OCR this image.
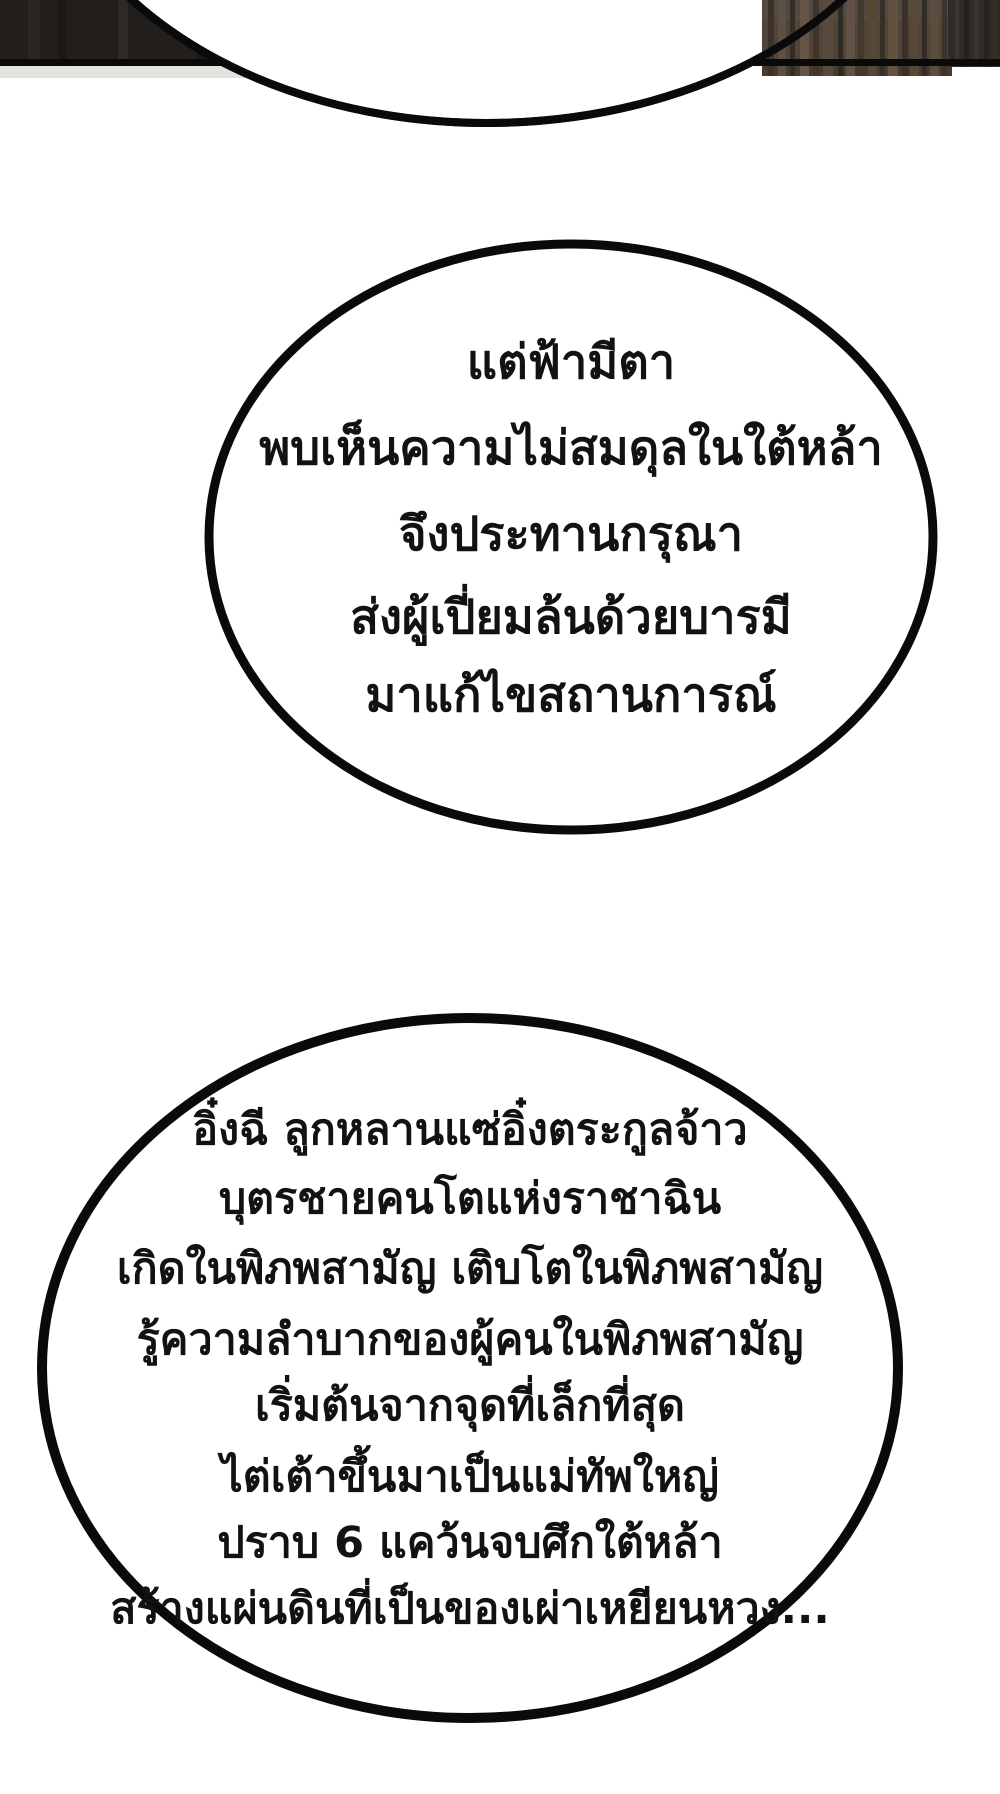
แต่ฟ้ามีตา
พบเห็นความไม่สมดุลในใต้หล้า
จึงประทานกรุณา
ส่งผู้เปี่ยมล้นด้วยบารมี
มาแก้ไขสถานการณ์
อิ๋งฉี ลูกหลานแซ่อิ๋งตระกูลจ้าว
บุตรชายคนโตแห่งราชาฉิน
เกิดในพิภพสามัญ เติบโตในพิภพสามัญ
รู้ความลำบากของผู้คนในพิภพสามัญ
เริ่มต้นจากจุดที่เล็กที่สุด
ไต่เต้าขึ้นมาเป็นแม่ทัพใหญ่
ปราบ 6 แคว้นจบศึกใต้หล้า
สร้างแผ่นดินที่เป็นของเผ่าเหยียนหวง...
